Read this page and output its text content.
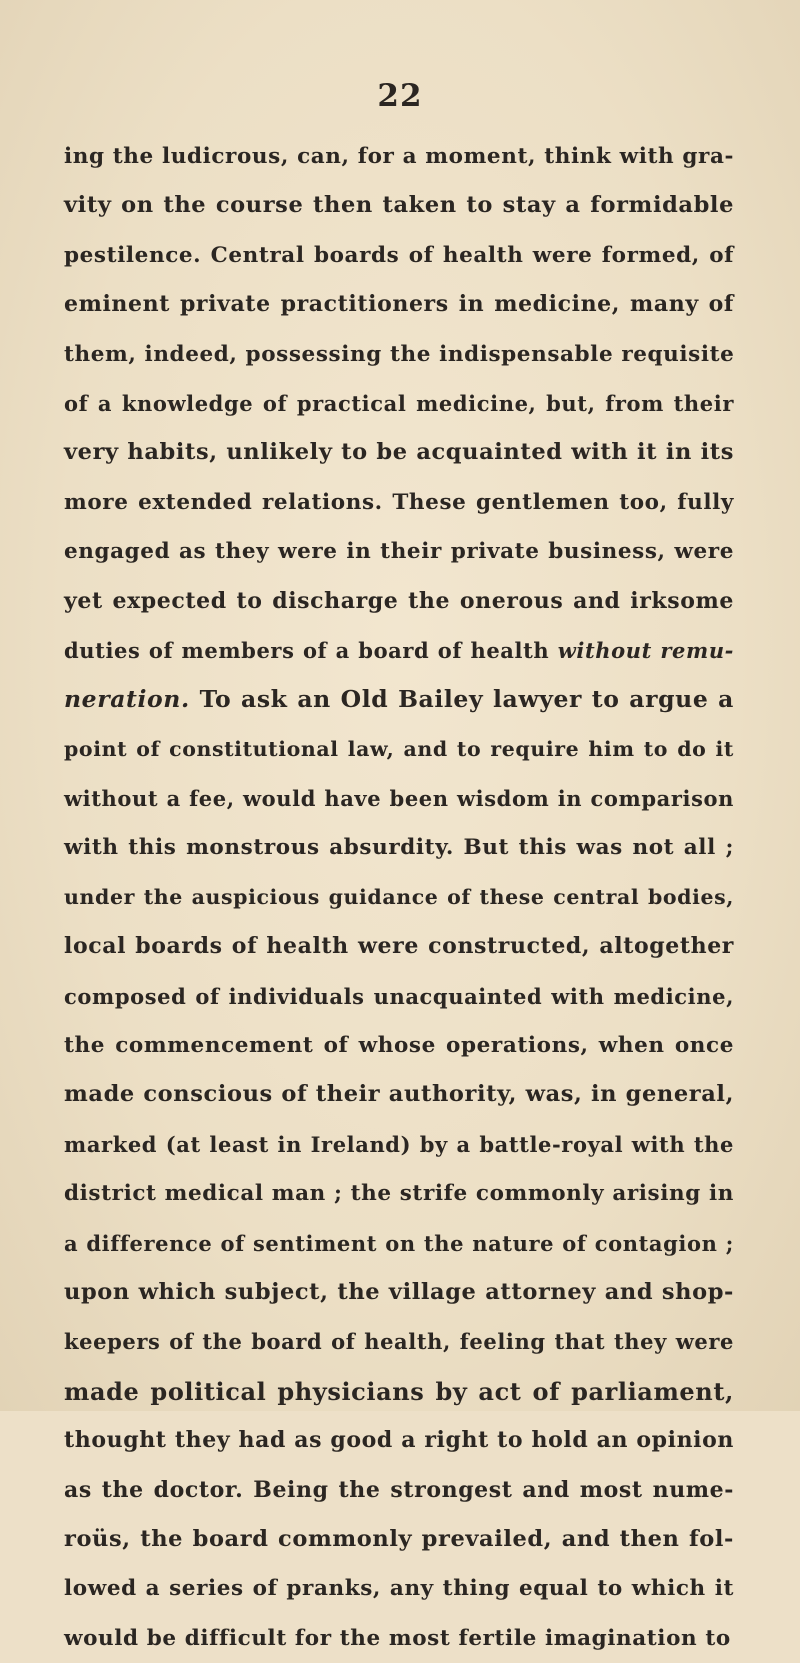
22
ing the ludicrous, can, for a moment, think with gra-
vity on the course then taken to stay a formidable
pestilence. Central boards of health were formed, of
eminent private practitioners in medicine, many of
them, indeed, possessing the indispensable requisite
of a knowledge of practical medicine, but, from their
very habits, unlikely to be acquainted with it in its
more extended relations. These gentlemen too, fully
engaged as they were in their private business, were
yet expected to discharge the onerous and irksome
duties of members of a board of health without remu-
neration. To ask an Old Bailey lawyer to argue a
point of constitutional law, and to require him to do it
without a fee, would have been wisdom in comparison
with this monstrous absurdity. But this was not all ;
under the auspicious guidance of these central bodies,
local boards of health were constructed, altogether
composed of individuals unacquainted with medicine,
the commencement of whose operations, when once
made conscious of their authority, was, in general,
marked (at least in Ireland) by a battle-royal with the
district medical man ; the strife commonly arising in
a difference of sentiment on the nature of contagion ;
upon which subject, the village attorney and shop-
keepers of the board of health, feeling that they were
made political physicians by act of parliament,
thought they had as good a right to hold an opinion
as the doctor. Being the strongest and most nume-
roüs, the board commonly prevailed, and then fol-
lowed a series of pranks, any thing equal to which it
would be difficult for the most fertile imagination to
